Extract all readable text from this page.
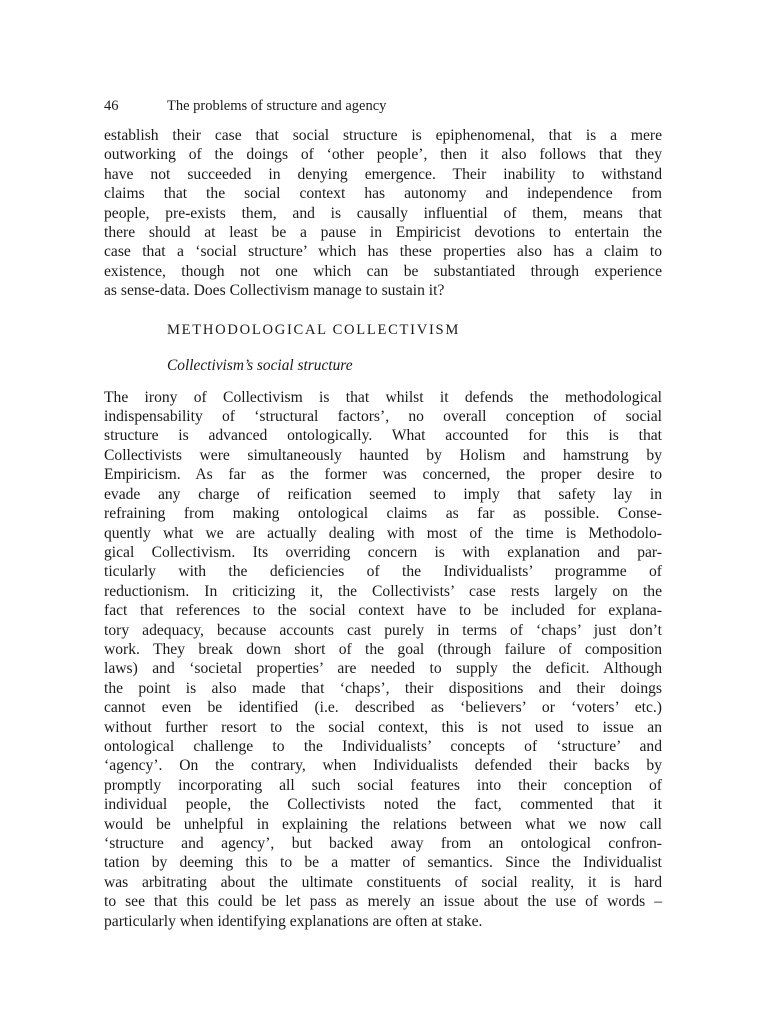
46	The problems of structure and agency
establish their case that social structure is epiphenomenal, that is a mere
outworking of the doings of ‘other people’, then it also follows that they
have not succeeded in denying emergence. Their inability to withstand
claims that the social context has autonomy and independence from
people, pre-exists them, and is causally influential of them, means that
there should at least be a pause in Empiricist devotions to entertain the
case that a ‘social structure’ which has these properties also has a claim to
existence, though not one which can be substantiated through experience
as sense-data. Does Collectivism manage to sustain it?
METHODOLOGICAL COLLECTIVISM
Collectivism’s social structure
The irony of Collectivism is that whilst it defends the methodological
indispensability of ‘structural factors’, no overall conception of social
structure is advanced ontologically. What accounted for this is that
Collectivists were simultaneously haunted by Holism and hamstrung by
Empiricism. As far as the former was concerned, the proper desire to
evade any charge of reification seemed to imply that safety lay in
refraining from making ontological claims as far as possible. Conse-
quently what we are actually dealing with most of the time is Methodolo-
gical Collectivism. Its overriding concern is with explanation and par-
ticularly with the deficiencies of the Individualists’ programme of
reductionism. In criticizing it, the Collectivists’ case rests largely on the
fact that references to the social context have to be included for explana-
tory adequacy, because accounts cast purely in terms of ‘chaps’ just don’t
work. They break down short of the goal (through failure of composition
laws) and ‘societal properties’ are needed to supply the deficit. Although
the point is also made that ‘chaps’, their dispositions and their doings
cannot even be identified (i.e. described as ‘believers’ or ‘voters’ etc.)
without further resort to the social context, this is not used to issue an
ontological challenge to the Individualists’ concepts of ‘structure’ and
‘agency’. On the contrary, when Individualists defended their backs by
promptly incorporating all such social features into their conception of
individual people, the Collectivists noted the fact, commented that it
would be unhelpful in explaining the relations between what we now call
‘structure and agency’, but backed away from an ontological confron-
tation by deeming this to be a matter of semantics. Since the Individualist
was arbitrating about the ultimate constituents of social reality, it is hard
to see that this could be let pass as merely an issue about the use of words –
particularly when identifying explanations are often at stake.
